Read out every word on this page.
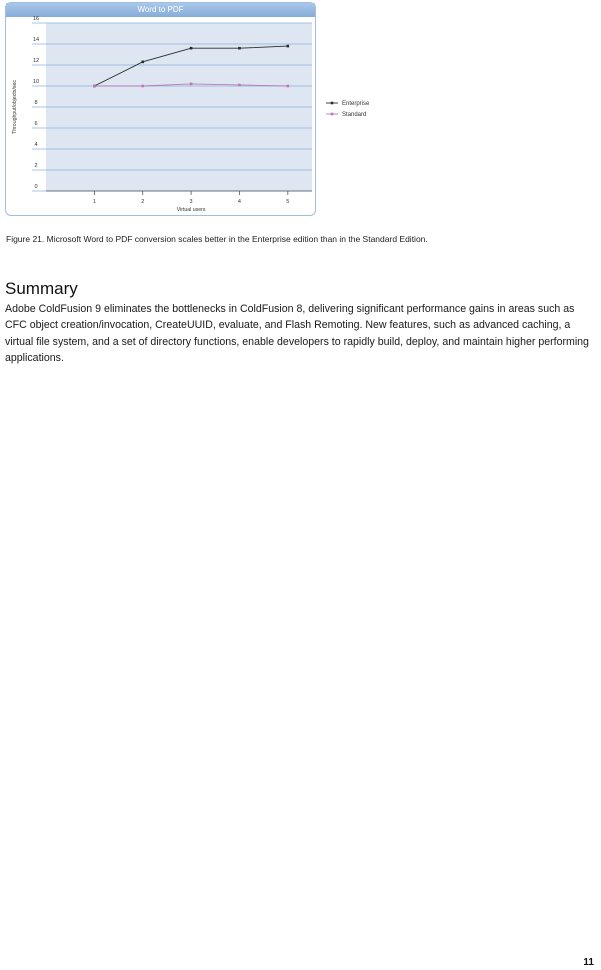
Word to PDF
0
2
4
6
8
10
12
14
16
1	2	3	4	5
Virtual users
Throughput/objects/sec	Enterprise
Standard
Figure 21. Microsoft Word to PDF conversion scales better in the Enterprise edition than in the Standard Edition.
Summary

Adobe ColdFusion 9 eliminates the bottlenecks in ColdFusion 8, delivering significant performance gains in areas such as CFC object creation/invocation, CreateUUID, evaluate, and Flash Remoting. New features, such as advanced caching, a virtual file system, and a set of directory functions, enable developers to rapidly build, deploy, and maintain higher performing applications.

11
